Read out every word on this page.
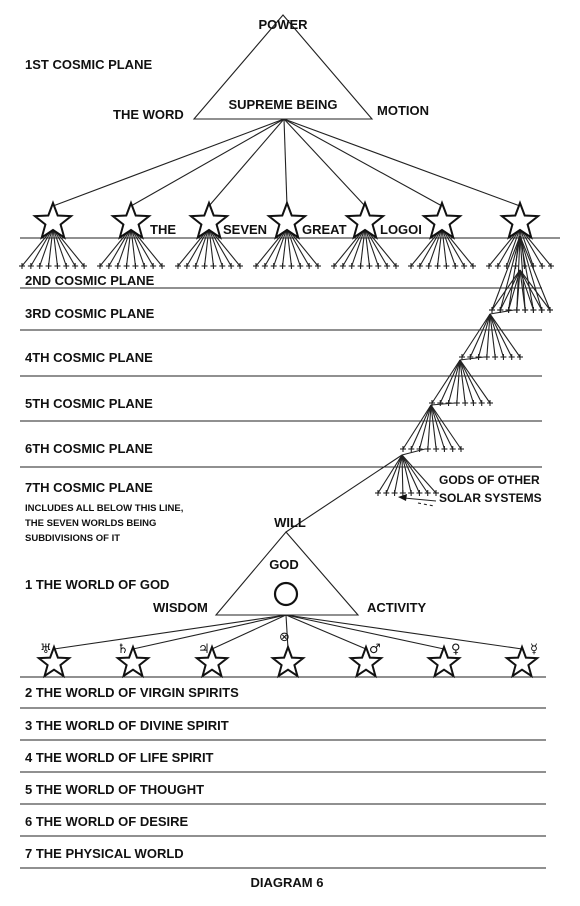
POWER
1ST COSMIC PLANE
THE WORD
SUPREME BEING	MOTION
THE	SEVEN	GREAT	LOGOI
2ND COSMIC PLANE
3RD COSMIC PLANE
4TH COSMIC PLANE
5TH COSMIC PLANE
6TH COSMIC PLANE
7TH COSMIC PLANE
INCLUDES ALL BELOW THIS LINE,
THE SEVEN WORLDS BEING
SUBDIVISIONS OF IT
GODS OF OTHER
SOLAR SYSTEMS
WILL
GOD
WISDOM	ACTIVITY
1 THE WORLD OF GOD
♅	♄	♃
⊗
♂	♀	☿
2 THE WORLD OF VIRGIN SPIRITS
3 THE WORLD OF DIVINE SPIRIT
4 THE WORLD OF LIFE SPIRIT
5 THE WORLD OF THOUGHT
6 THE WORLD OF DESIRE
7 THE PHYSICAL WORLD
DIAGRAM 6
